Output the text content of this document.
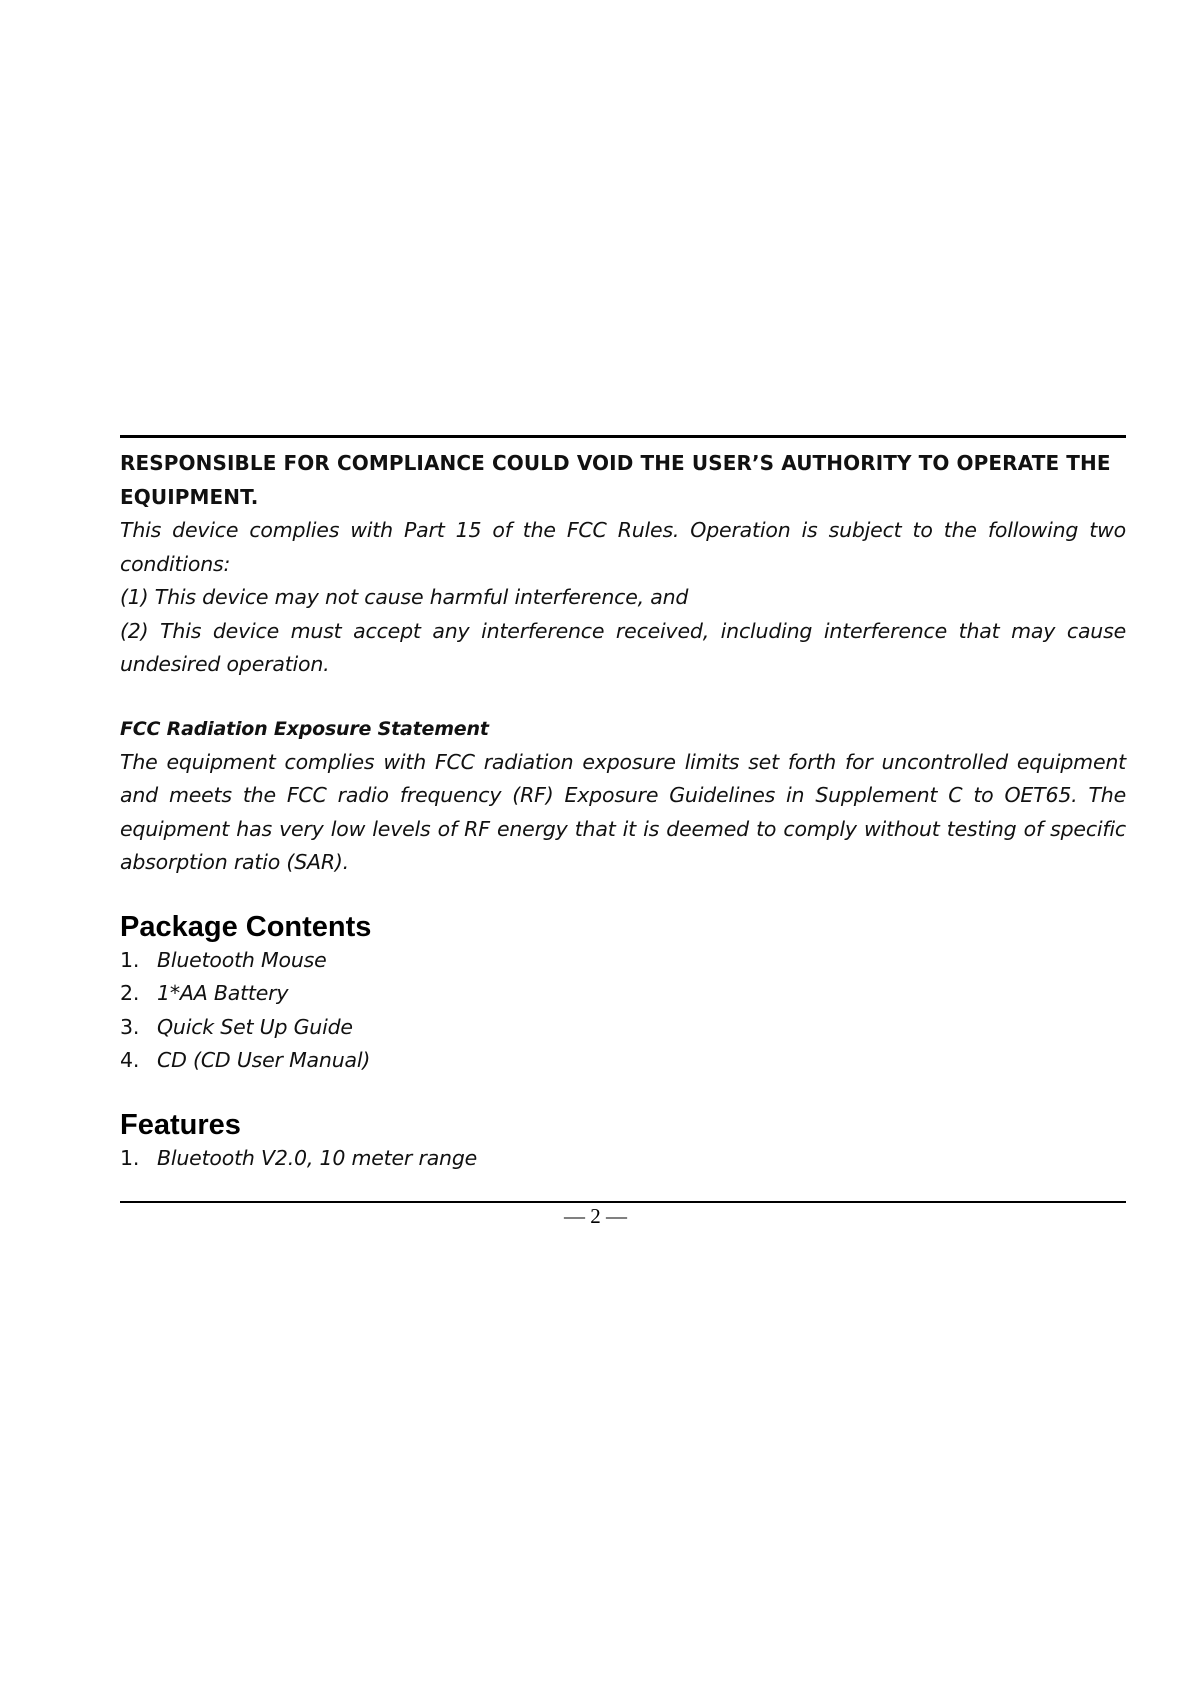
RESPONSIBLE FOR COMPLIANCE COULD VOID THE USER’S AUTHORITY TO OPERATE THE EQUIPMENT.
This device complies with Part 15 of the FCC Rules. Operation is subject to the following two conditions:
(1) This device may not cause harmful interference, and
(2) This device must accept any interference received, including interference that may cause undesired operation.
FCC Radiation Exposure Statement
The equipment complies with FCC radiation exposure limits set forth for uncontrolled equipment and meets the FCC radio frequency (RF) Exposure Guidelines in Supplement C to OET65. The equipment has very low levels of RF energy that it is deemed to comply without testing of specific absorption ratio (SAR).
Package Contents
1. Bluetooth Mouse
2. 1*AA Battery
3. Quick Set Up Guide
4. CD (CD User Manual)
Features
1. Bluetooth V2.0, 10 meter range
— 2 —
